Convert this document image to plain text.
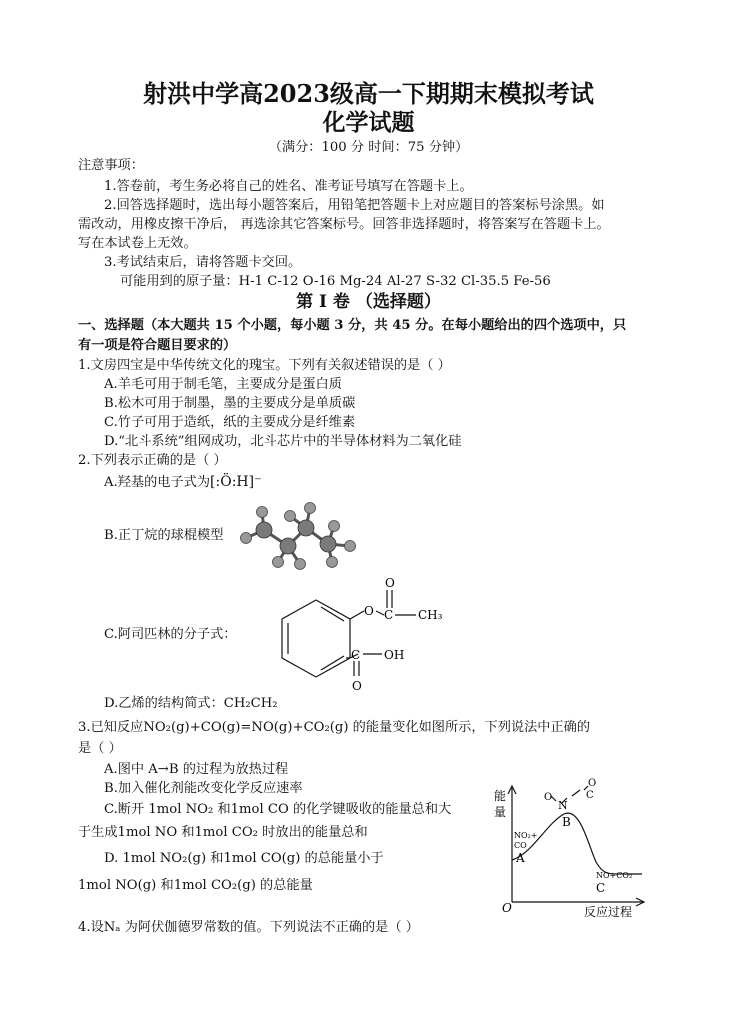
射洪中学高2023级高一下期期末模拟考试
化学试题
（满分：100 分 时间：75 分钟）
注意事项：
1.答卷前，考生务必将自己的姓名、准考证号填写在答题卡上。
2.回答选择题时，选出每小题答案后，用铅笔把答题卡上对应题目的答案标号涂黑。如
需改动，用橡皮擦干净后， 再选涂其它答案标号。回答非选择题时，将答案写在答题卡上。
写在本试卷上无效。
3.考试结束后，请将答题卡交回。
可能用到的原子量：H-1 C-12 O-16 Mg-24 Al-27 S-32 Cl-35.5 Fe-56
第 I 卷 （选择题）
一、选择题（本大题共 15 个小题，每小题 3 分，共 45 分。在每小题给出的四个选项中，只
有一项是符合题目要求的）
1.文房四宝是中华传统文化的瑰宝。下列有关叙述错误的是（ ）
A.羊毛可用于制毛笔，主要成分是蛋白质
B.松木可用于制墨，墨的主要成分是单质碳
C.竹子可用于造纸，纸的主要成分是纤维素
D.“北斗系统”组网成功，北斗芯片中的半导体材料为二氧化硅
2.下列表示正确的是（ ）
A.羟基的电子式为[:Ö:H]⁻
B.正丁烷的球棍模型
C.阿司匹林的分子式：
O C
O
CH₃
C OH
O
D.乙烯的结构简式：CH₂CH₂
3.已知反应NO₂(g)+CO(g)=NO(g)+CO₂(g) 的能量变化如图所示，下列说法中正确的
是（ ）
A.图中 A→B 的过程为放热过程
B.加入催化剂能改变化学反应速率
C.断开 1mol NO₂ 和1mol CO 的化学键吸收的能量总和大
于生成1mol NO 和1mol CO₂ 时放出的能量总和
D. 1mol NO₂(g) 和1mol CO(g) 的总能量小于
1mol NO(g) 和1mol CO₂(g) 的总能量
能
量
O	反应过程
NO₂+
CO
A
B
NO+CO₂
C
N
O	C
O
4.设Nₐ 为阿伏伽德罗常数的值。下列说法不正确的是（ ）
